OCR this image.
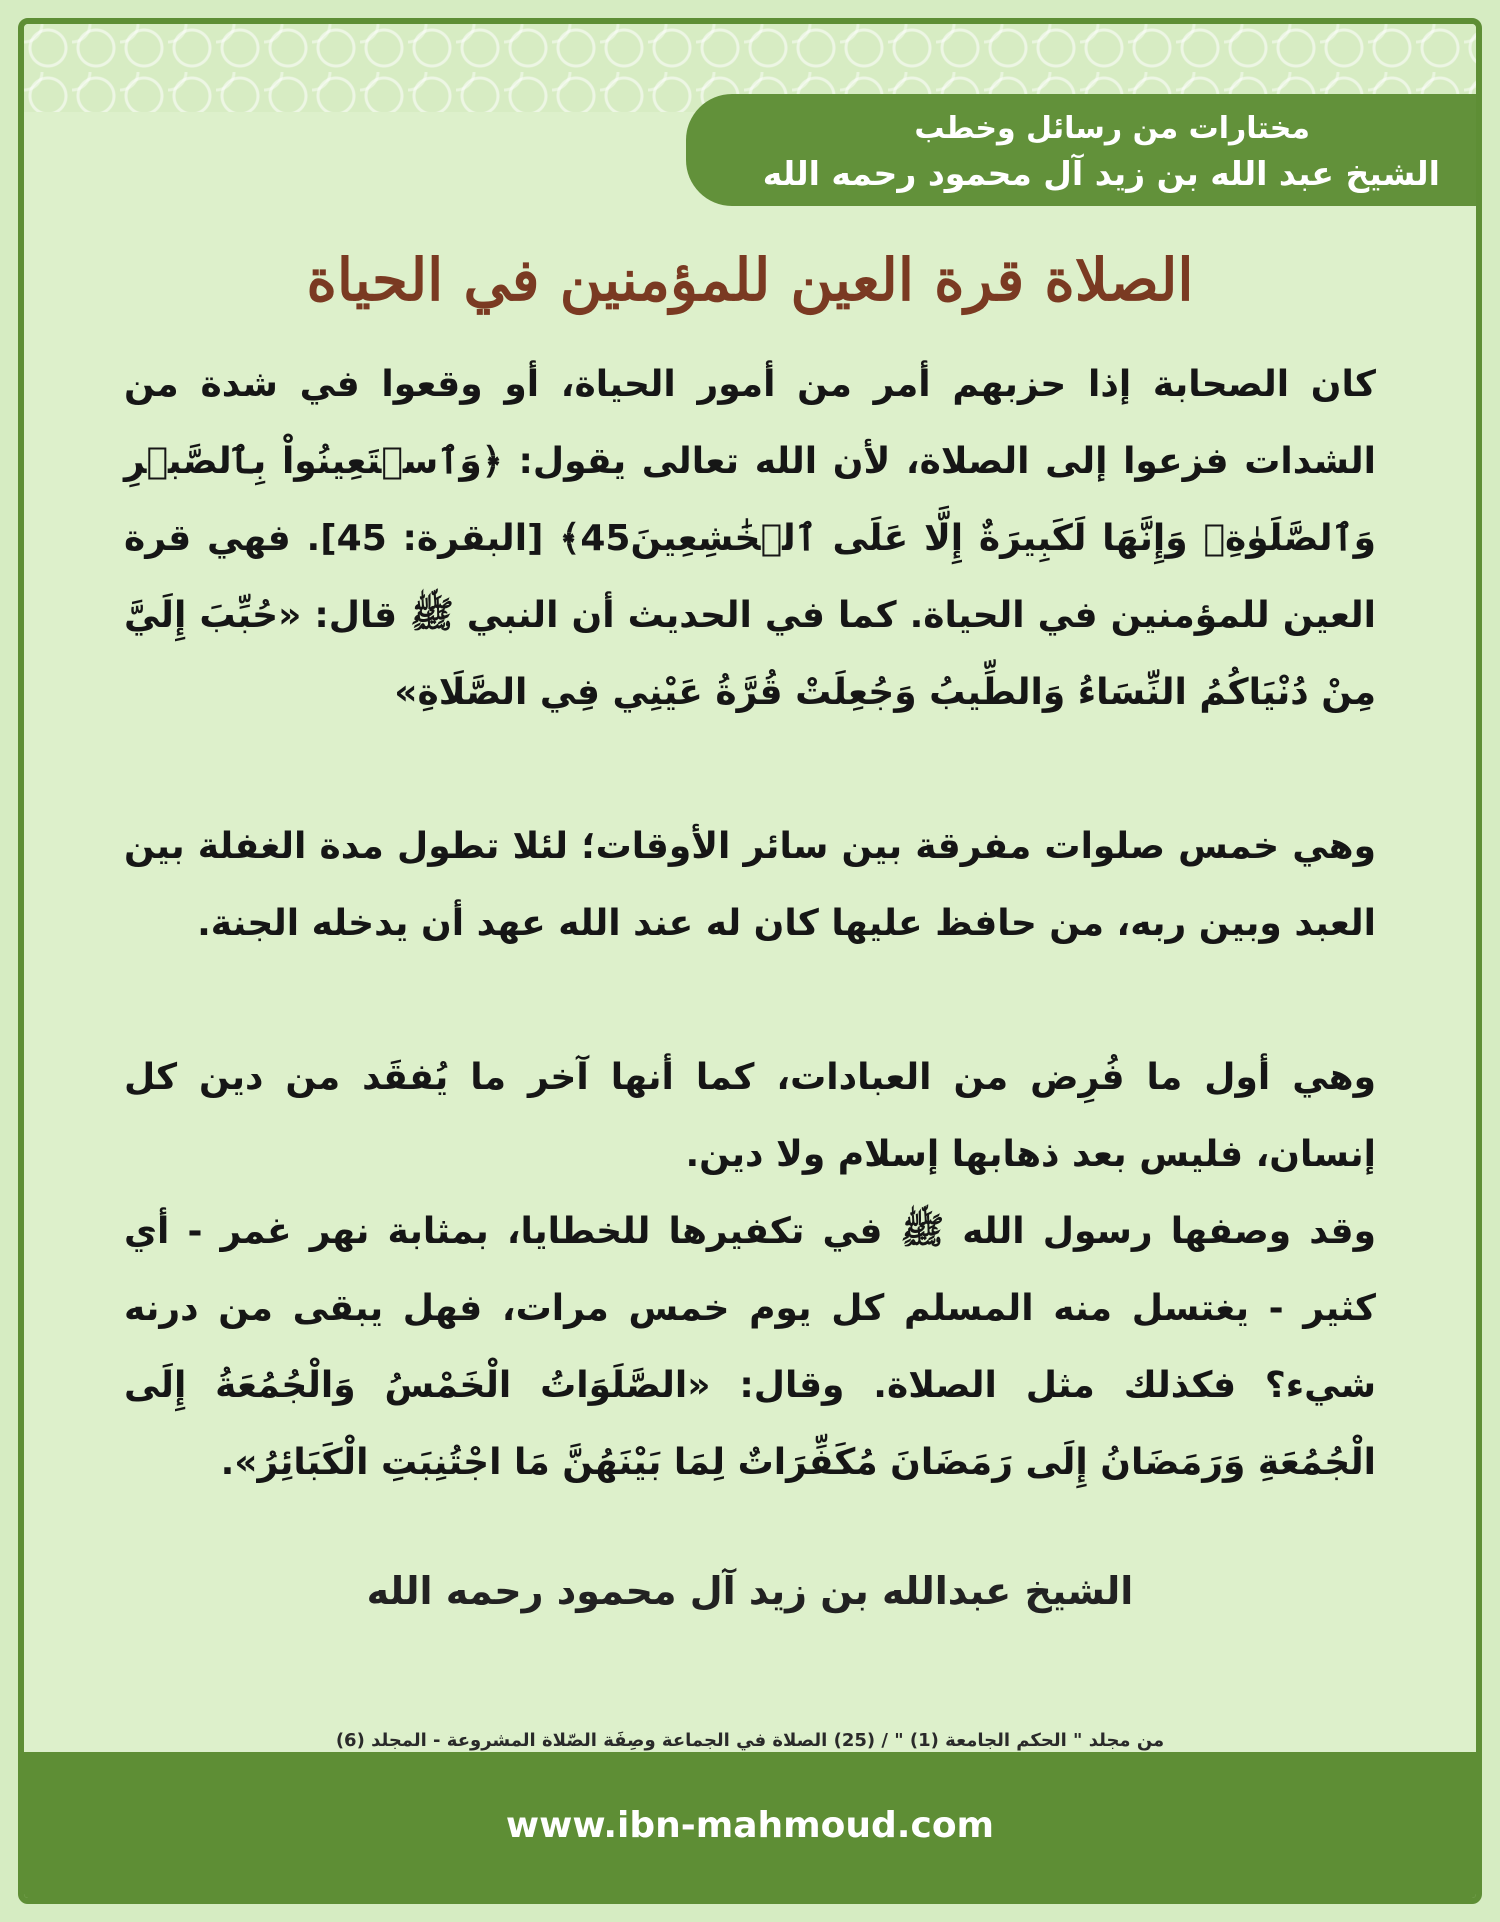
مختارات من رسائل وخطب
الشيخ عبد الله بن زيد آل محمود رحمه الله
الصلاة قرة العين للمؤمنين في الحياة

كان الصحابة إذا حزبهم أمر من أمور الحياة، أو وقعوا في شدة من الشدات فزعوا إلى الصلاة، لأن الله تعالى يقول: ﴿وَٱسۡتَعِينُواْ بِٱلصَّبۡرِ وَٱلصَّلَوٰةِۚ وَإِنَّهَا لَكَبِيرَةٌ إِلَّا عَلَى ٱلۡخَٰشِعِينَ45﴾ [البقرة: 45]. فهي قرة العين للمؤمنين في الحياة. كما في الحديث أن النبي ﷺ قال: «حُبِّبَ إِلَيَّ مِنْ دُنْيَاكُمُ النِّسَاءُ وَالطِّيبُ وَجُعِلَتْ قُرَّةُ عَيْنِي فِي الصَّلَاةِ»

وهي خمس صلوات مفرقة بين سائر الأوقات؛ لئلا تطول مدة الغفلة بين العبد وبين ربه، من حافظ عليها كان له عند الله عهد أن يدخله الجنة.

وهي أول ما فُرِض من العبادات، كما أنها آخر ما يُفقَد من دين كل إنسان، فليس بعد ذهابها إسلام ولا دين.

وقد وصفها رسول الله ﷺ في تكفيرها للخطايا، بمثابة نهر غمر - أي كثير - يغتسل منه المسلم كل يوم خمس مرات، فهل يبقى من درنه شيء؟ فكذلك مثل الصلاة. وقال: «الصَّلَوَاتُ الْخَمْسُ وَالْجُمُعَةُ إِلَى الْجُمُعَةِ وَرَمَضَانُ إِلَى رَمَضَانَ مُكَفِّرَاتٌ لِمَا بَيْنَهُنَّ مَا اجْتُنِبَتِ الْكَبَائِرُ».

الشيخ عبدالله بن زيد آل محمود رحمه الله
من مجلد " الحكم الجامعة (1) " / (25) الصلاة في الجماعة وصِفَة الصّلاة المشروعة - المجلد (6)
www.ibn-mahmoud.com
